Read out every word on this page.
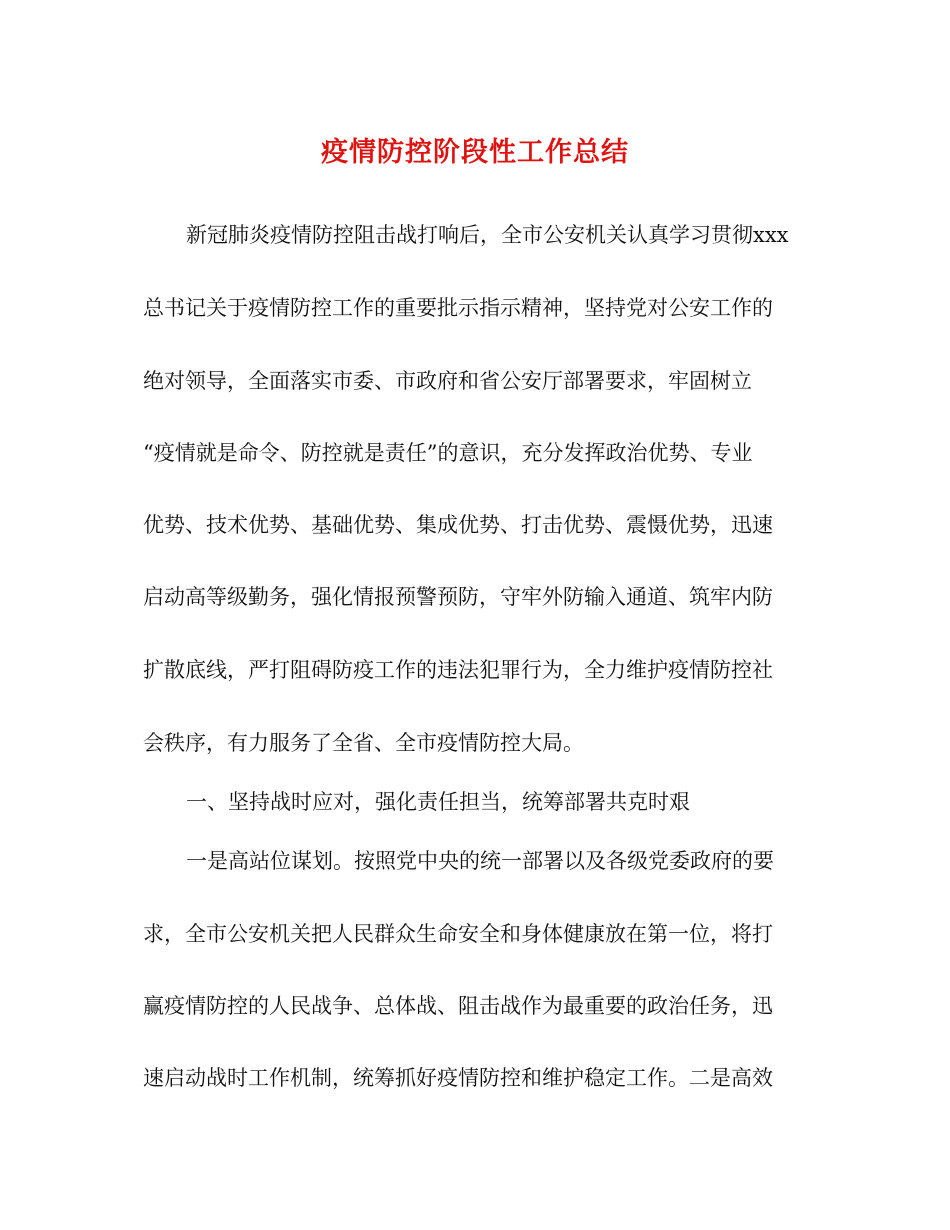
疫情防控阶段性工作总结
新冠肺炎疫情防控阻击战打响后，全市公安机关认真学习贯彻xxx
总书记关于疫情防控工作的重要批示指示精神，坚持党对公安工作的
绝对领导，全面落实市委、市政府和省公安厅部署要求，牢固树立
“疫情就是命令、防控就是责任”的意识，充分发挥政治优势、专业
优势、技术优势、基础优势、集成优势、打击优势、震慑优势，迅速
启动高等级勤务，强化情报预警预防，守牢外防输入通道、筑牢内防
扩散底线，严打阻碍防疫工作的违法犯罪行为，全力维护疫情防控社
会秩序，有力服务了全省、全市疫情防控大局。
一、坚持战时应对，强化责任担当，统筹部署共克时艰
一是高站位谋划。按照党中央的统一部署以及各级党委政府的要
求，全市公安机关把人民群众生命安全和身体健康放在第一位，将打
赢疫情防控的人民战争、总体战、阻击战作为最重要的政治任务，迅
速启动战时工作机制，统筹抓好疫情防控和维护稳定工作。二是高效
